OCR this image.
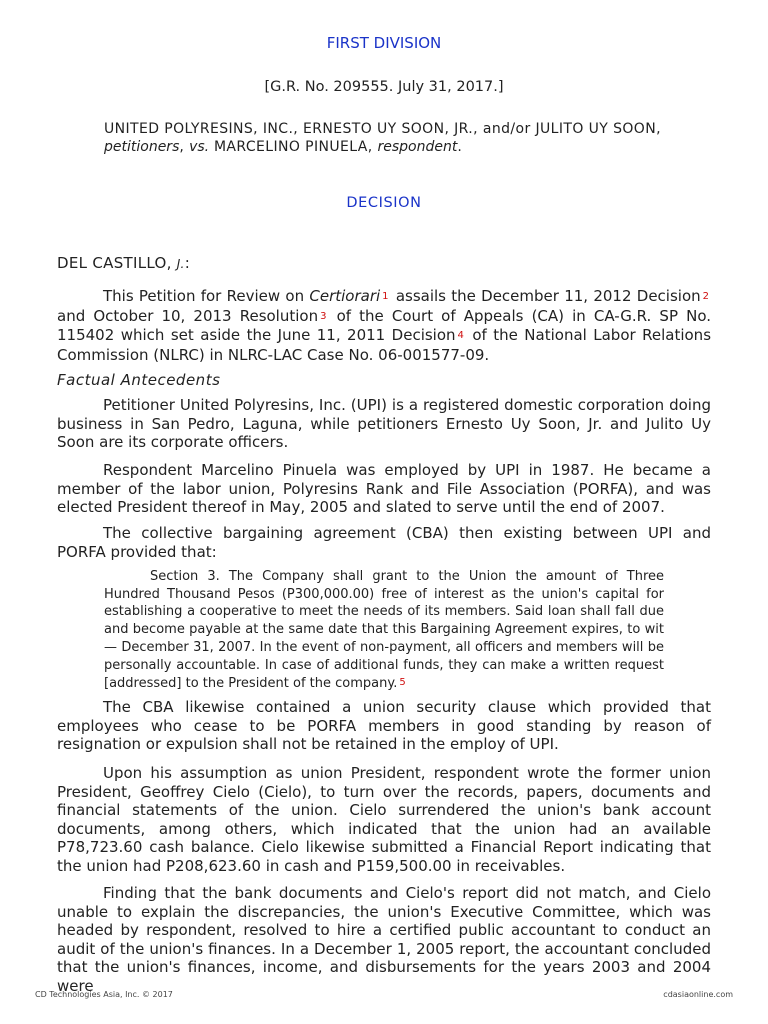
FIRST DIVISION
[G.R. No. 209555. July 31, 2017.]
UNITED POLYRESINS, INC., ERNESTO UY SOON, JR., and/or JULITO UY SOON, petitioners, vs. MARCELINO PINUELA, respondent.
DECISION
DEL CASTILLO, J.:

This Petition for Review on Certiorari 1 assails the December 11, 2012 Decision 2 and October 10, 2013 Resolution 3 of the Court of Appeals (CA) in CA-G.R. SP No. 115402 which set aside the June 11, 2011 Decision 4 of the National Labor Relations Commission (NLRC) in NLRC-LAC Case No. 06-001577-09.

Factual Antecedents

Petitioner United Polyresins, Inc. (UPI) is a registered domestic corporation doing business in San Pedro, Laguna, while petitioners Ernesto Uy Soon, Jr. and Julito Uy Soon are its corporate officers.

Respondent Marcelino Pinuela was employed by UPI in 1987. He became a member of the labor union, Polyresins Rank and File Association (PORFA), and was elected President thereof in May, 2005 and slated to serve until the end of 2007.

The collective bargaining agreement (CBA) then existing between UPI and PORFA provided that:

Section 3. The Company shall grant to the Union the amount of Three Hundred Thousand Pesos (P300,000.00) free of interest as the union's capital for establishing a cooperative to meet the needs of its members. Said loan shall fall due and become payable at the same date that this Bargaining Agreement expires, to wit — December 31, 2007. In the event of non-payment, all officers and members will be personally accountable. In case of additional funds, they can make a written request [addressed] to the President of the company. 5

The CBA likewise contained a union security clause which provided that employees who cease to be PORFA members in good standing by reason of resignation or expulsion shall not be retained in the employ of UPI.

Upon his assumption as union President, respondent wrote the former union President, Geoffrey Cielo (Cielo), to turn over the records, papers, documents and financial statements of the union. Cielo surrendered the union's bank account documents, among others, which indicated that the union had an available P78,723.60 cash balance. Cielo likewise submitted a Financial Report indicating that the union had P208,623.60 in cash and P159,500.00 in receivables.

Finding that the bank documents and Cielo's report did not match, and Cielo unable to explain the discrepancies, the union's Executive Committee, which was headed by respondent, resolved to hire a certified public accountant to conduct an audit of the union's finances. In a December 1, 2005 report, the accountant concluded that the union's finances, income, and disbursements for the years 2003 and 2004 were

CD Technologies Asia, Inc. © 2017	cdasiaonline.com
